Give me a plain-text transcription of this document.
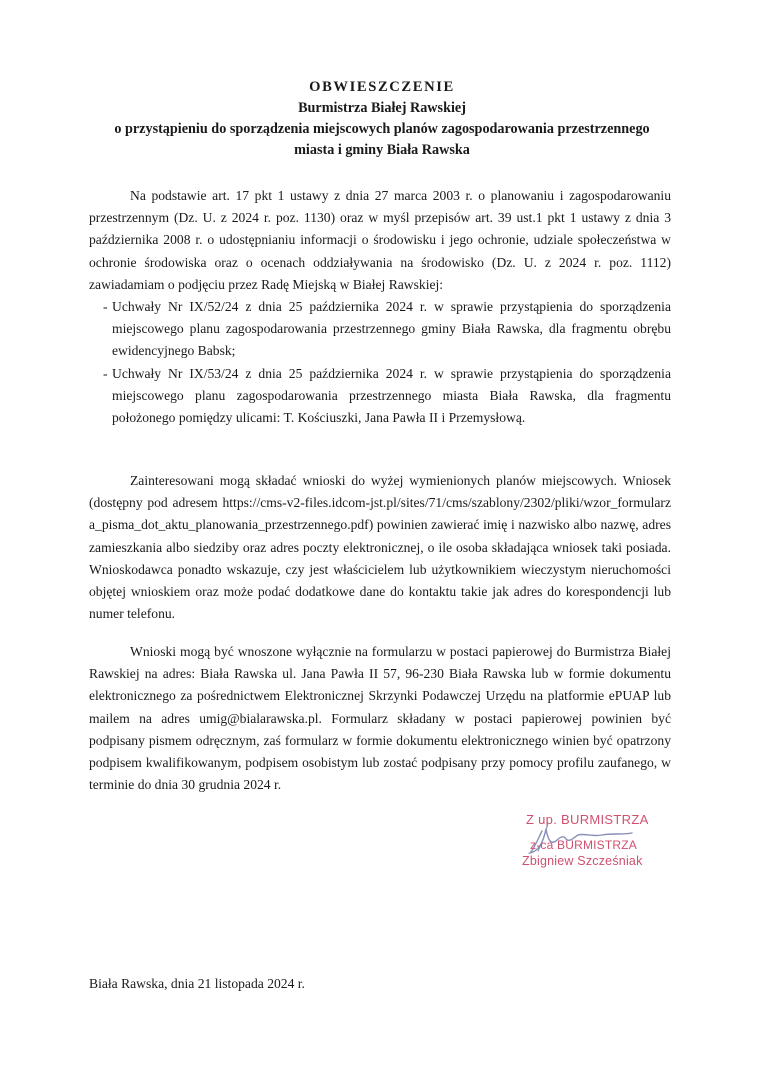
OBWIESZCZENIE
Burmistrza Białej Rawskiej
o przystąpieniu do sporządzenia miejscowych planów zagospodarowania przestrzennego
miasta i gminy Biała Rawska

Na podstawie art. 17 pkt 1 ustawy z dnia 27 marca 2003 r. o planowaniu i zagospodarowaniu przestrzennym (Dz. U. z 2024 r. poz. 1130) oraz w myśl przepisów art. 39 ust.1 pkt 1 ustawy z dnia 3 października 2008 r. o udostępnianiu informacji o środowisku i jego ochronie, udziale społeczeństwa w ochronie środowiska oraz o ocenach oddziaływania na środowisko (Dz. U. z 2024 r. poz. 1112) zawiadamiam o podjęciu przez Radę Miejską w Białej Rawskiej:

- Uchwały Nr IX/52/24 z dnia 25 października 2024 r. w sprawie przystąpienia do sporządzenia miejscowego planu zagospodarowania przestrzennego gminy Biała Rawska, dla fragmentu obrębu ewidencyjnego Babsk;
- Uchwały Nr IX/53/24 z dnia 25 października 2024 r. w sprawie przystąpienia do sporządzenia miejscowego planu zagospodarowania przestrzennego miasta Biała Rawska, dla fragmentu położonego pomiędzy ulicami: T. Kościuszki, Jana Pawła II i Przemysłową.

Zainteresowani mogą składać wnioski do wyżej wymienionych planów miejscowych. Wniosek (dostępny pod adresem https://cms-v2-files.idcom-jst.pl/sites/71/cms/szablony/2302/pliki/wzor_formularza_pisma_dot_aktu_planowania_przestrzennego.pdf) powinien zawierać imię i nazwisko albo nazwę, adres zamieszkania albo siedziby oraz adres poczty elektronicznej, o ile osoba składająca wniosek taki posiada. Wnioskodawca ponadto wskazuje, czy jest właścicielem lub użytkownikiem wieczystym nieruchomości objętej wnioskiem oraz może podać dodatkowe dane do kontaktu takie jak adres do korespondencji lub numer telefonu.

Wnioski mogą być wnoszone wyłącznie na formularzu w postaci papierowej do Burmistrza Białej Rawskiej na adres: Biała Rawska ul. Jana Pawła II 57, 96-230 Biała Rawska lub w formie dokumentu elektronicznego za pośrednictwem Elektronicznej Skrzynki Podawczej Urzędu na platformie ePUAP lub mailem na adres umig@bialarawska.pl. Formularz składany w postaci papierowej powinien być podpisany pismem odręcznym, zaś formularz w formie dokumentu elektronicznego winien być opatrzony podpisem kwalifikowanym, podpisem osobistym lub zostać podpisany przy pomocy profilu zaufanego, w terminie do dnia 30 grudnia 2024 r.

Z up. BURMISTRZA
z-ca BURMISTRZA
Zbigniew Szcześniak
Biała Rawska, dnia 21 listopada 2024 r.
